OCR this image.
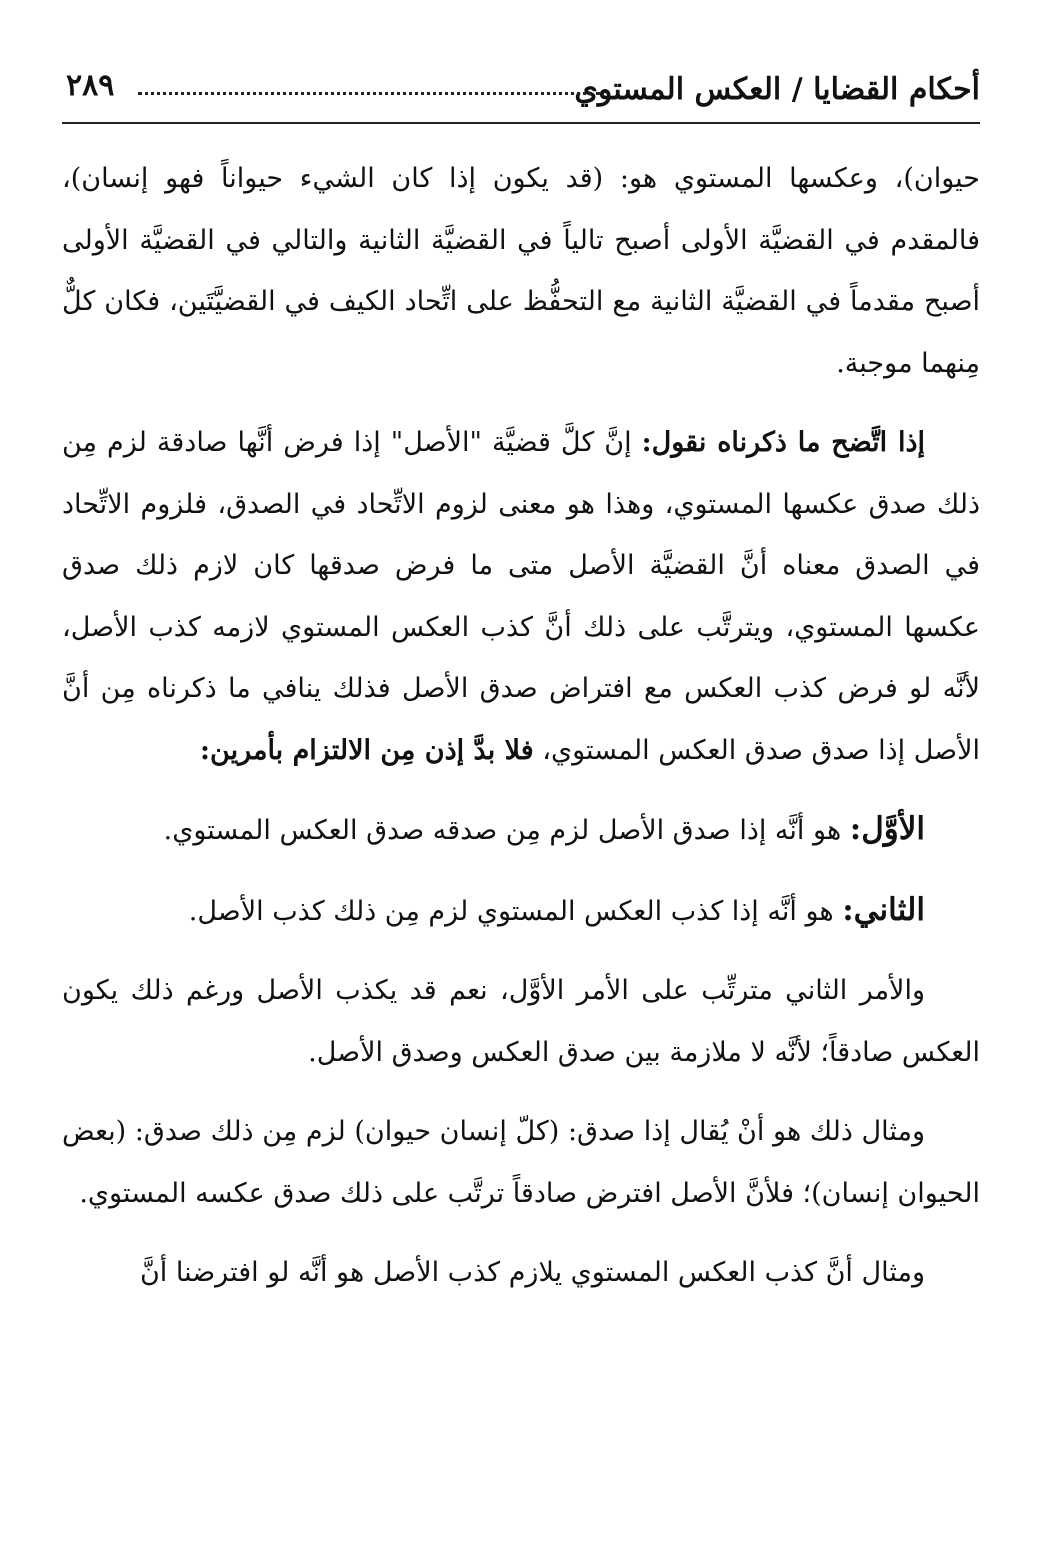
أحكام القضايا / العكس المستوي
٢٨٩

حيوان)، وعكسها المستوي هو: (قد يكون إذا كان الشيء حيواناً فهو إنسان)، فالمقدم في القضيَّة الأولى أصبح تالياً في القضيَّة الثانية والتالي في القضيَّة الأولى أصبح مقدماً في القضيَّة الثانية مع التحفُّظ على اتِّحاد الكيف في القضيَّتَين، فكان كلٌّ مِنهما موجبة.

إذا اتَّضح ما ذكرناه نقول: إنَّ كلَّ قضيَّة "الأصل" إذا فرض أنَّها صادقة لزم مِن ذلك صدق عكسها المستوي، وهذا هو معنى لزوم الاتِّحاد في الصدق، فلزوم الاتِّحاد في الصدق معناه أنَّ القضيَّة الأصل متى ما فرض صدقها كان لازم ذلك صدق عكسها المستوي، ويترتَّب على ذلك أنَّ كذب العكس المستوي لازمه كذب الأصل، لأنَّه لو فرض كذب العكس مع افتراض صدق الأصل فذلك ينافي ما ذكرناه مِن أنَّ الأصل إذا صدق صدق العكس المستوي، فلا بدَّ إذن مِن الالتزام بأمرين:

الأوَّل: هو أنَّه إذا صدق الأصل لزم مِن صدقه صدق العكس المستوي.

الثاني: هو أنَّه إذا كذب العكس المستوي لزم مِن ذلك كذب الأصل.

والأمر الثاني مترتِّب على الأمر الأوَّل، نعم قد يكذب الأصل ورغم ذلك يكون العكس صادقاً؛ لأنَّه لا ملازمة بين صدق العكس وصدق الأصل.

ومثال ذلك هو أنْ يُقال إذا صدق: (كلّ إنسان حيوان) لزم مِن ذلك صدق: (بعض الحيوان إنسان)؛ فلأنَّ الأصل افترض صادقاً ترتَّب على ذلك صدق عكسه المستوي.

ومثال أنَّ كذب العكس المستوي يلازم كذب الأصل هو أنَّه لو افترضنا أنَّ
